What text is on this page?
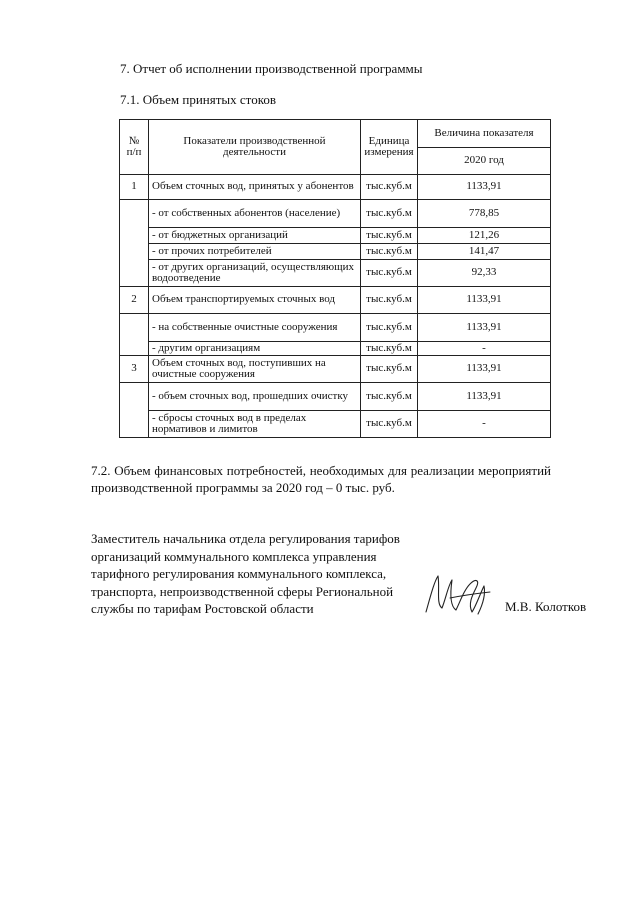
7. Отчет об исполнении производственной программы
7.1. Объем принятых стоков
№ п/п	Показатели производственной деятельности	Единица измерения	Величина показателя
			2020 год
1	Объем сточных вод, принятых у абонентов	тыс.куб.м	1133,91
	- от собственных абонентов (население)	тыс.куб.м	778,85
	- от бюджетных организаций	тыс.куб.м	121,26
	- от прочих потребителей	тыс.куб.м	141,47
	- от других организаций, осуществляющих водоотведение	тыс.куб.м	92,33
2	Объем транспортируемых сточных вод	тыс.куб.м	1133,91
	- на собственные очистные сооружения	тыс.куб.м	1133,91
	- другим организациям	тыс.куб.м	-
3	Объем сточных вод, поступивших на очистные сооружения	тыс.куб.м	1133,91
	- объем сточных вод, прошедших очистку	тыс.куб.м	1133,91
	- сбросы сточных вод в пределах нормативов и лимитов	тыс.куб.м	-
7.2. Объем финансовых потребностей, необходимых для реализации мероприятий производственной программы за 2020 год – 0 тыс. руб.
Заместитель начальника отдела регулирования тарифов
организаций коммунального комплекса управления
тарифного регулирования коммунального комплекса,
транспорта, непроизводственной сферы Региональной
службы по тарифам Ростовской области	М.В. Колотков
